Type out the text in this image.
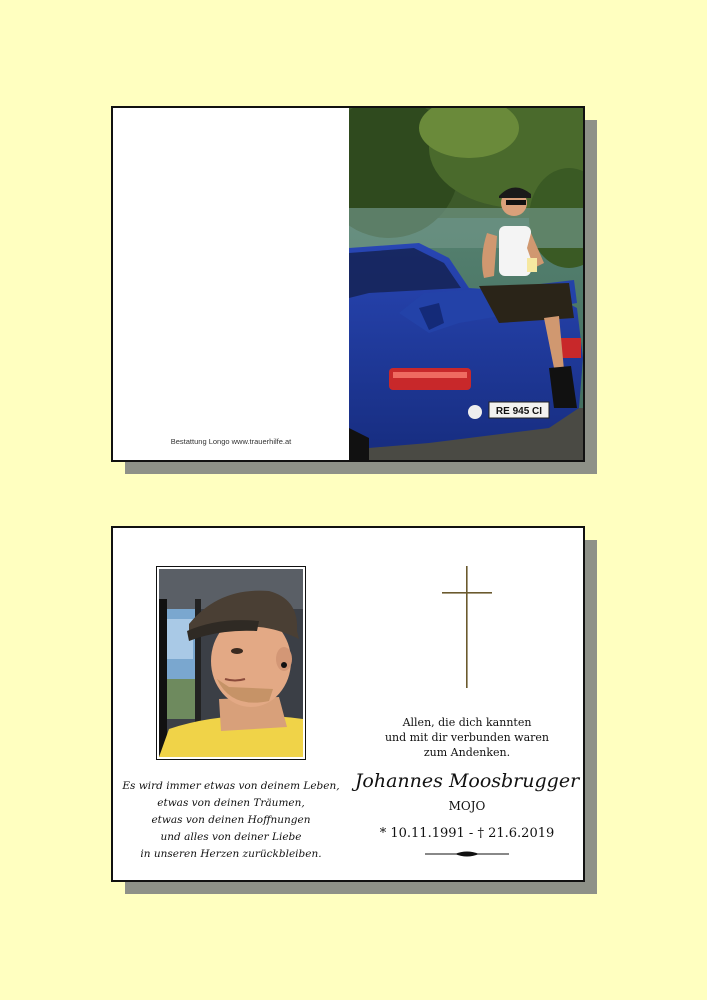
Bestattung Longo www.trauerhilfe.at
RE 945 CI
Es wird immer etwas von deinem Leben,
etwas von deinen Träumen,
etwas von deinen Hoffnungen
und alles von deiner Liebe
in unseren Herzen zurückbleiben.
Allen, die dich kannten
und mit dir verbunden waren
zum Andenken.
Johannes Moosbrugger
MOJO
* 10.11.1991 - † 21.6.2019
